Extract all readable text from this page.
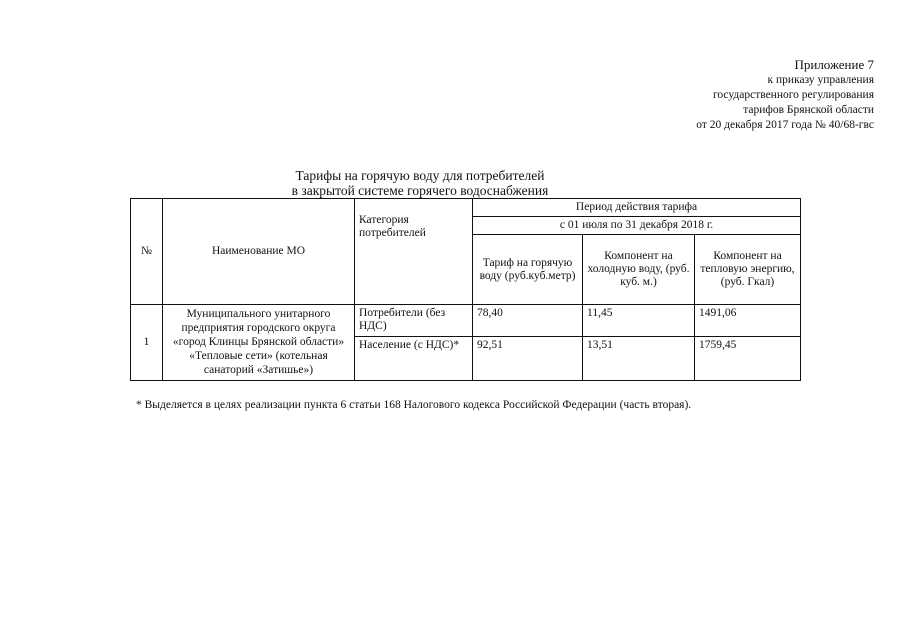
Приложение 7
к приказу управления
государственного регулирования
тарифов Брянской области
от 20 декабря 2017 года № 40/68-гвс
Тарифы на горячую воду для потребителей
в закрытой системе горячего водоснабжения
№	Наименование МО	Категория потребителей	Период действия тарифа		
			с 01 июля по 31 декабря 2018 г.		
			Тариф на горячую воду (руб.куб.метр)	Компонент на холодную воду, (руб. куб. м.)	Компонент на тепловую энергию, (руб. Гкал)
1	Муниципального унитарного предприятия городского округа «город Клинцы Брянской области» «Тепловые сети» (котельная санаторий «Затишье»)	Потребители (без НДС)	78,40	11,45	1491,06
		Население (с НДС)*	92,51	13,51	1759,45
* Выделяется в целях реализации пункта 6 статьи 168 Налогового кодекса Российской Федерации (часть вторая).
